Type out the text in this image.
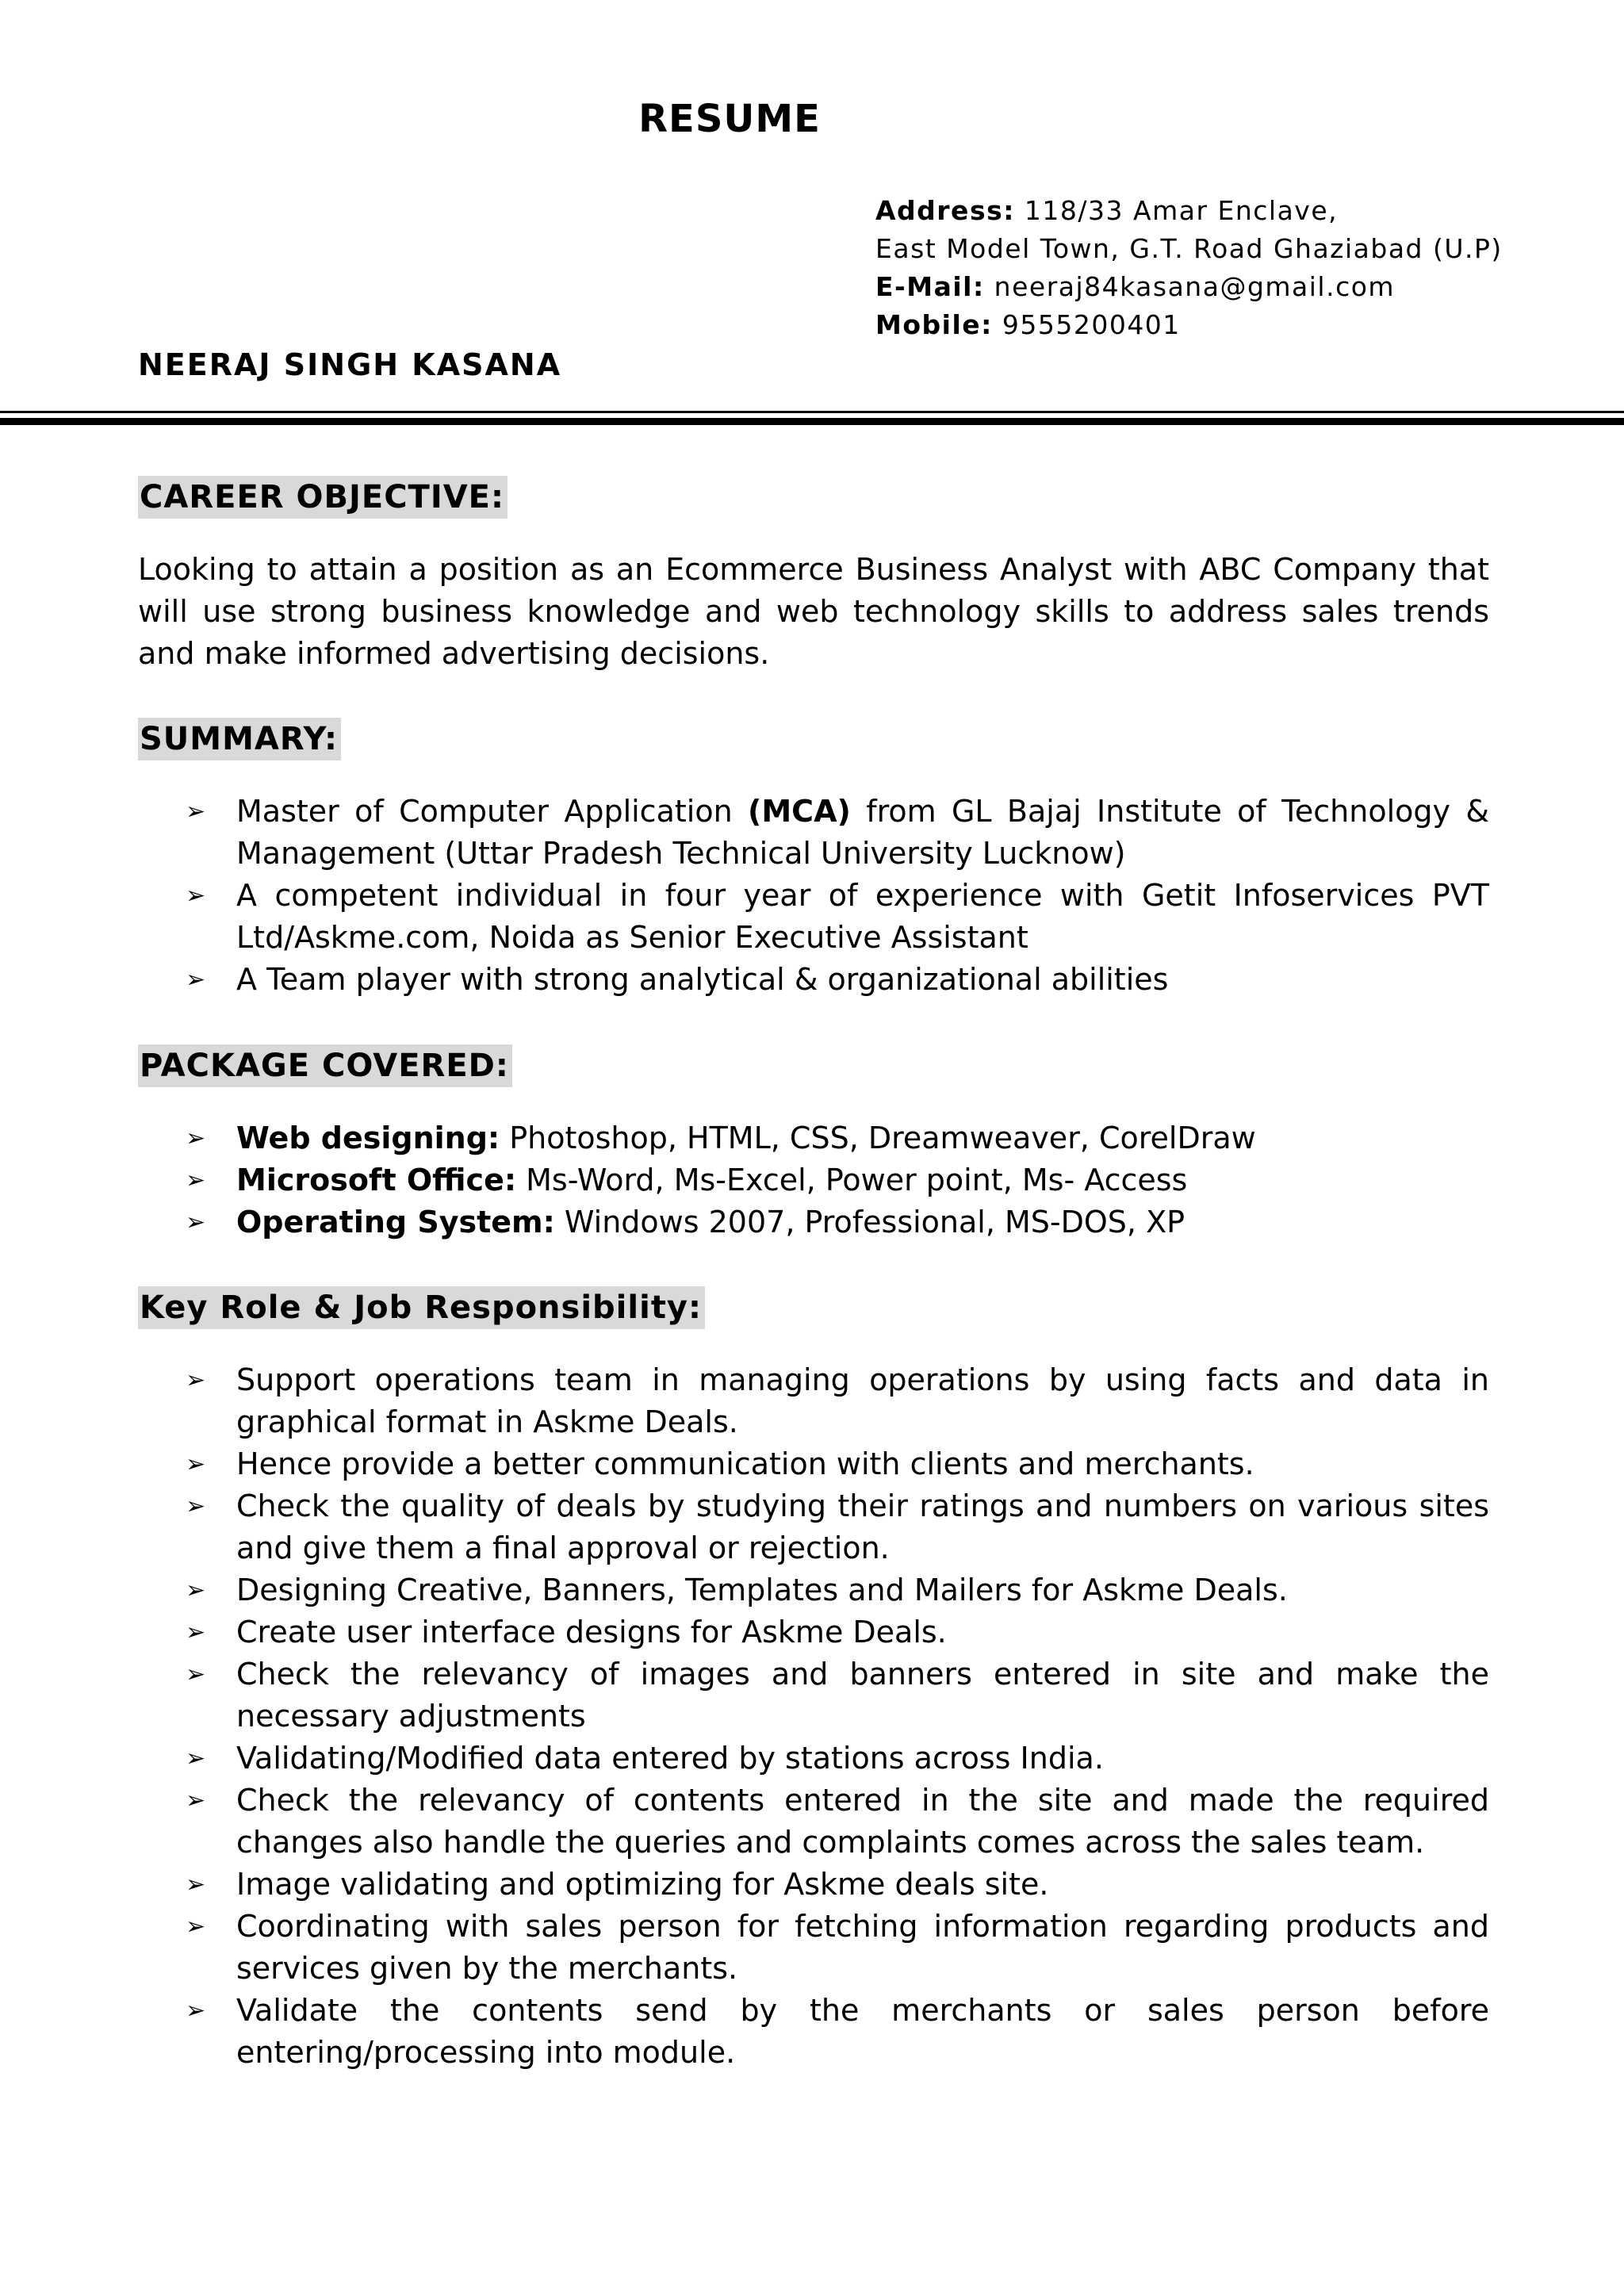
RESUME
Address: 118/33 Amar Enclave,
East Model Town, G.T. Road Ghaziabad (U.P)
E-Mail: neeraj84kasana@gmail.com
Mobile: 9555200401
NEERAJ SINGH KASANA
CAREER OBJECTIVE:

Looking to attain a position as an Ecommerce Business Analyst with ABC Company that will use strong business knowledge and web technology skills to address sales trends and make informed advertising decisions.

SUMMARY:
➢ Master of Computer Application (MCA) from GL Bajaj Institute of Technology & Management (Uttar Pradesh Technical University Lucknow)
➢ A competent individual in four year of experience with Getit Infoservices PVT Ltd/Askme.com, Noida as Senior Executive Assistant
➢ A Team player with strong analytical & organizational abilities
PACKAGE COVERED:
➢ Web designing: Photoshop, HTML, CSS, Dreamweaver, CorelDraw
➢ Microsoft Office: Ms-Word, Ms-Excel, Power point, Ms- Access
➢ Operating System: Windows 2007, Professional, MS-DOS, XP
Key Role & Job Responsibility:
➢ Support operations team in managing operations by using facts and data in graphical format in Askme Deals.
➢ Hence provide a better communication with clients and merchants.
➢ Check the quality of deals by studying their ratings and numbers on various sites and give them a final approval or rejection.
➢ Designing Creative, Banners, Templates and Mailers for Askme Deals.
➢ Create user interface designs for Askme Deals.
➢ Check the relevancy of images and banners entered in site and make the necessary adjustments
➢ Validating/Modified data entered by stations across India.
➢ Check the relevancy of contents entered in the site and made the required changes also handle the queries and complaints comes across the sales team.
➢ Image validating and optimizing for Askme deals site.
➢ Coordinating with sales person for fetching information regarding products and services given by the merchants.
➢ Validate the contents send by the merchants or sales person before entering/processing into module.
